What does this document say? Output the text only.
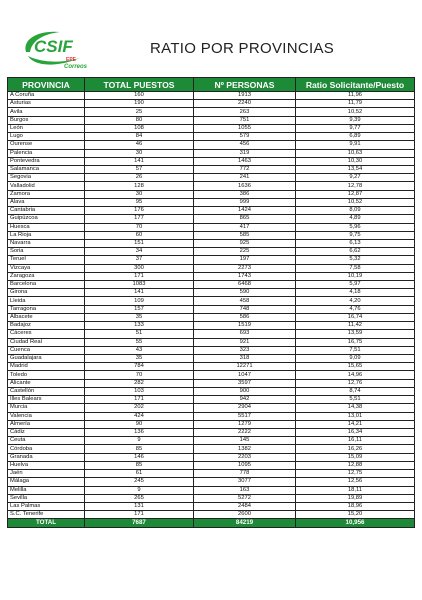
CSIF
EPE
Correos
RATIO POR PROVINCIAS
PROVINCIA	TOTAL PUESTOS	Nº PERSONAS	Ratio Solicitante/Puesto
A Coruña	160	1913	11,96
Asturias	190	2240	11,79
Avila	25	263	10,52
Burgos	80	751	9,39
León	108	1055	9,77
Lugo	84	579	6,89
Ourense	46	456	9,91
Palencia	30	319	10,63
Pontevedra	141	1463	10,30
Salamanca	57	772	13,54
Segovia	26	241	9,27
Valladolid	128	1636	12,78
Zamora	30	386	12,87
Alava	95	999	10,52
Cantabria	176	1424	8,09
Guipúzcoa	177	865	4,89
Huesca	70	417	5,96
La Rioja	60	585	9,75
Navarra	151	925	6,13
Soria	34	225	6,62
Teruel	37	197	5,32
Vizcaya	300	2273	7,58
Zaragoza	171	1743	10,19
Barcelona	1083	6468	5,97
Girona	141	590	4,18
Lleida	109	458	4,20
Tarragona	157	748	4,76
Albacete	35	586	16,74
Badajoz	133	1519	11,42
Cáceres	51	693	13,59
Ciudad Real	55	921	16,75
Cuenca	43	323	7,51
Guadalajara	35	318	9,09
Madrid	784	12271	15,65
Toledo	70	1047	14,96
Alicante	282	3597	12,76
Castellón	103	900	8,74
Illes Balears	171	942	5,51
Murcia	202	2904	14,38
Valencia	424	5517	13,01
Almería	90	1279	14,21
Cádiz	136	2222	16,34
Ceuta	9	145	16,11
Córdoba	85	1382	16,26
Granada	146	2203	15,09
Huelva	85	1095	12,88
Jaén	61	778	12,75
Málaga	245	3077	12,56
Melilla	9	163	18,11
Sevilla	265	5272	19,89
Las Palmas	131	2484	18,96
S.C. Tenerife	171	2600	15,20
TOTAL	7687	84219	10,956
